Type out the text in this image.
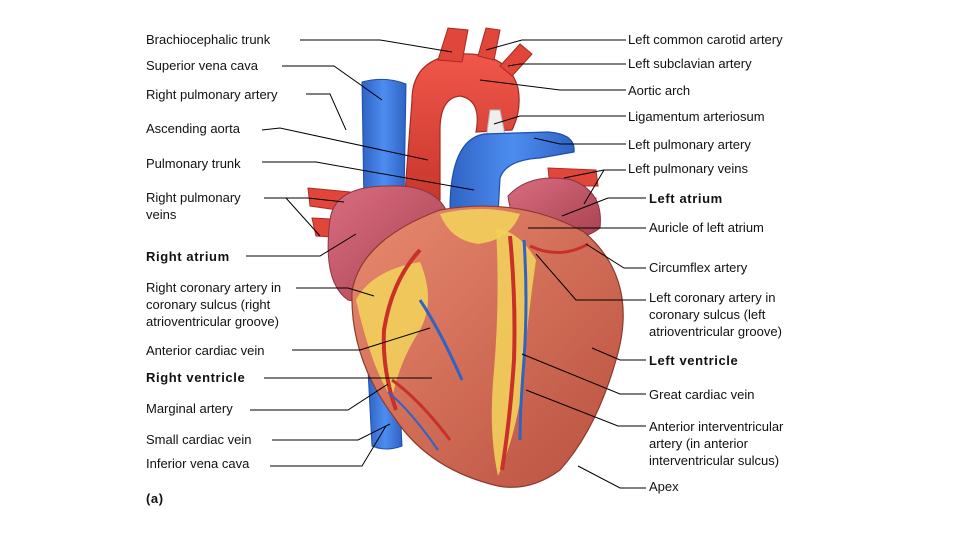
Brachiocephalic trunk
Superior vena cava
Right pulmonary artery
Ascending aorta
Pulmonary trunk
Right pulmonary veins
Right atrium
Right coronary artery in coronary sulcus (right atrioventricular groove)
Anterior cardiac vein
Right ventricle
Marginal artery
Small cardiac vein
Inferior vena cava
(a)
Left common carotid artery
Left subclavian artery
Aortic arch
Ligamentum arteriosum
Left pulmonary artery
Left pulmonary veins
Left atrium
Auricle of left atrium
Circumflex artery
Left coronary artery in coronary sulcus (left atrioventricular groove)
Left ventricle
Great cardiac vein
Anterior interventricular artery (in anterior interventricular sulcus)
Apex
